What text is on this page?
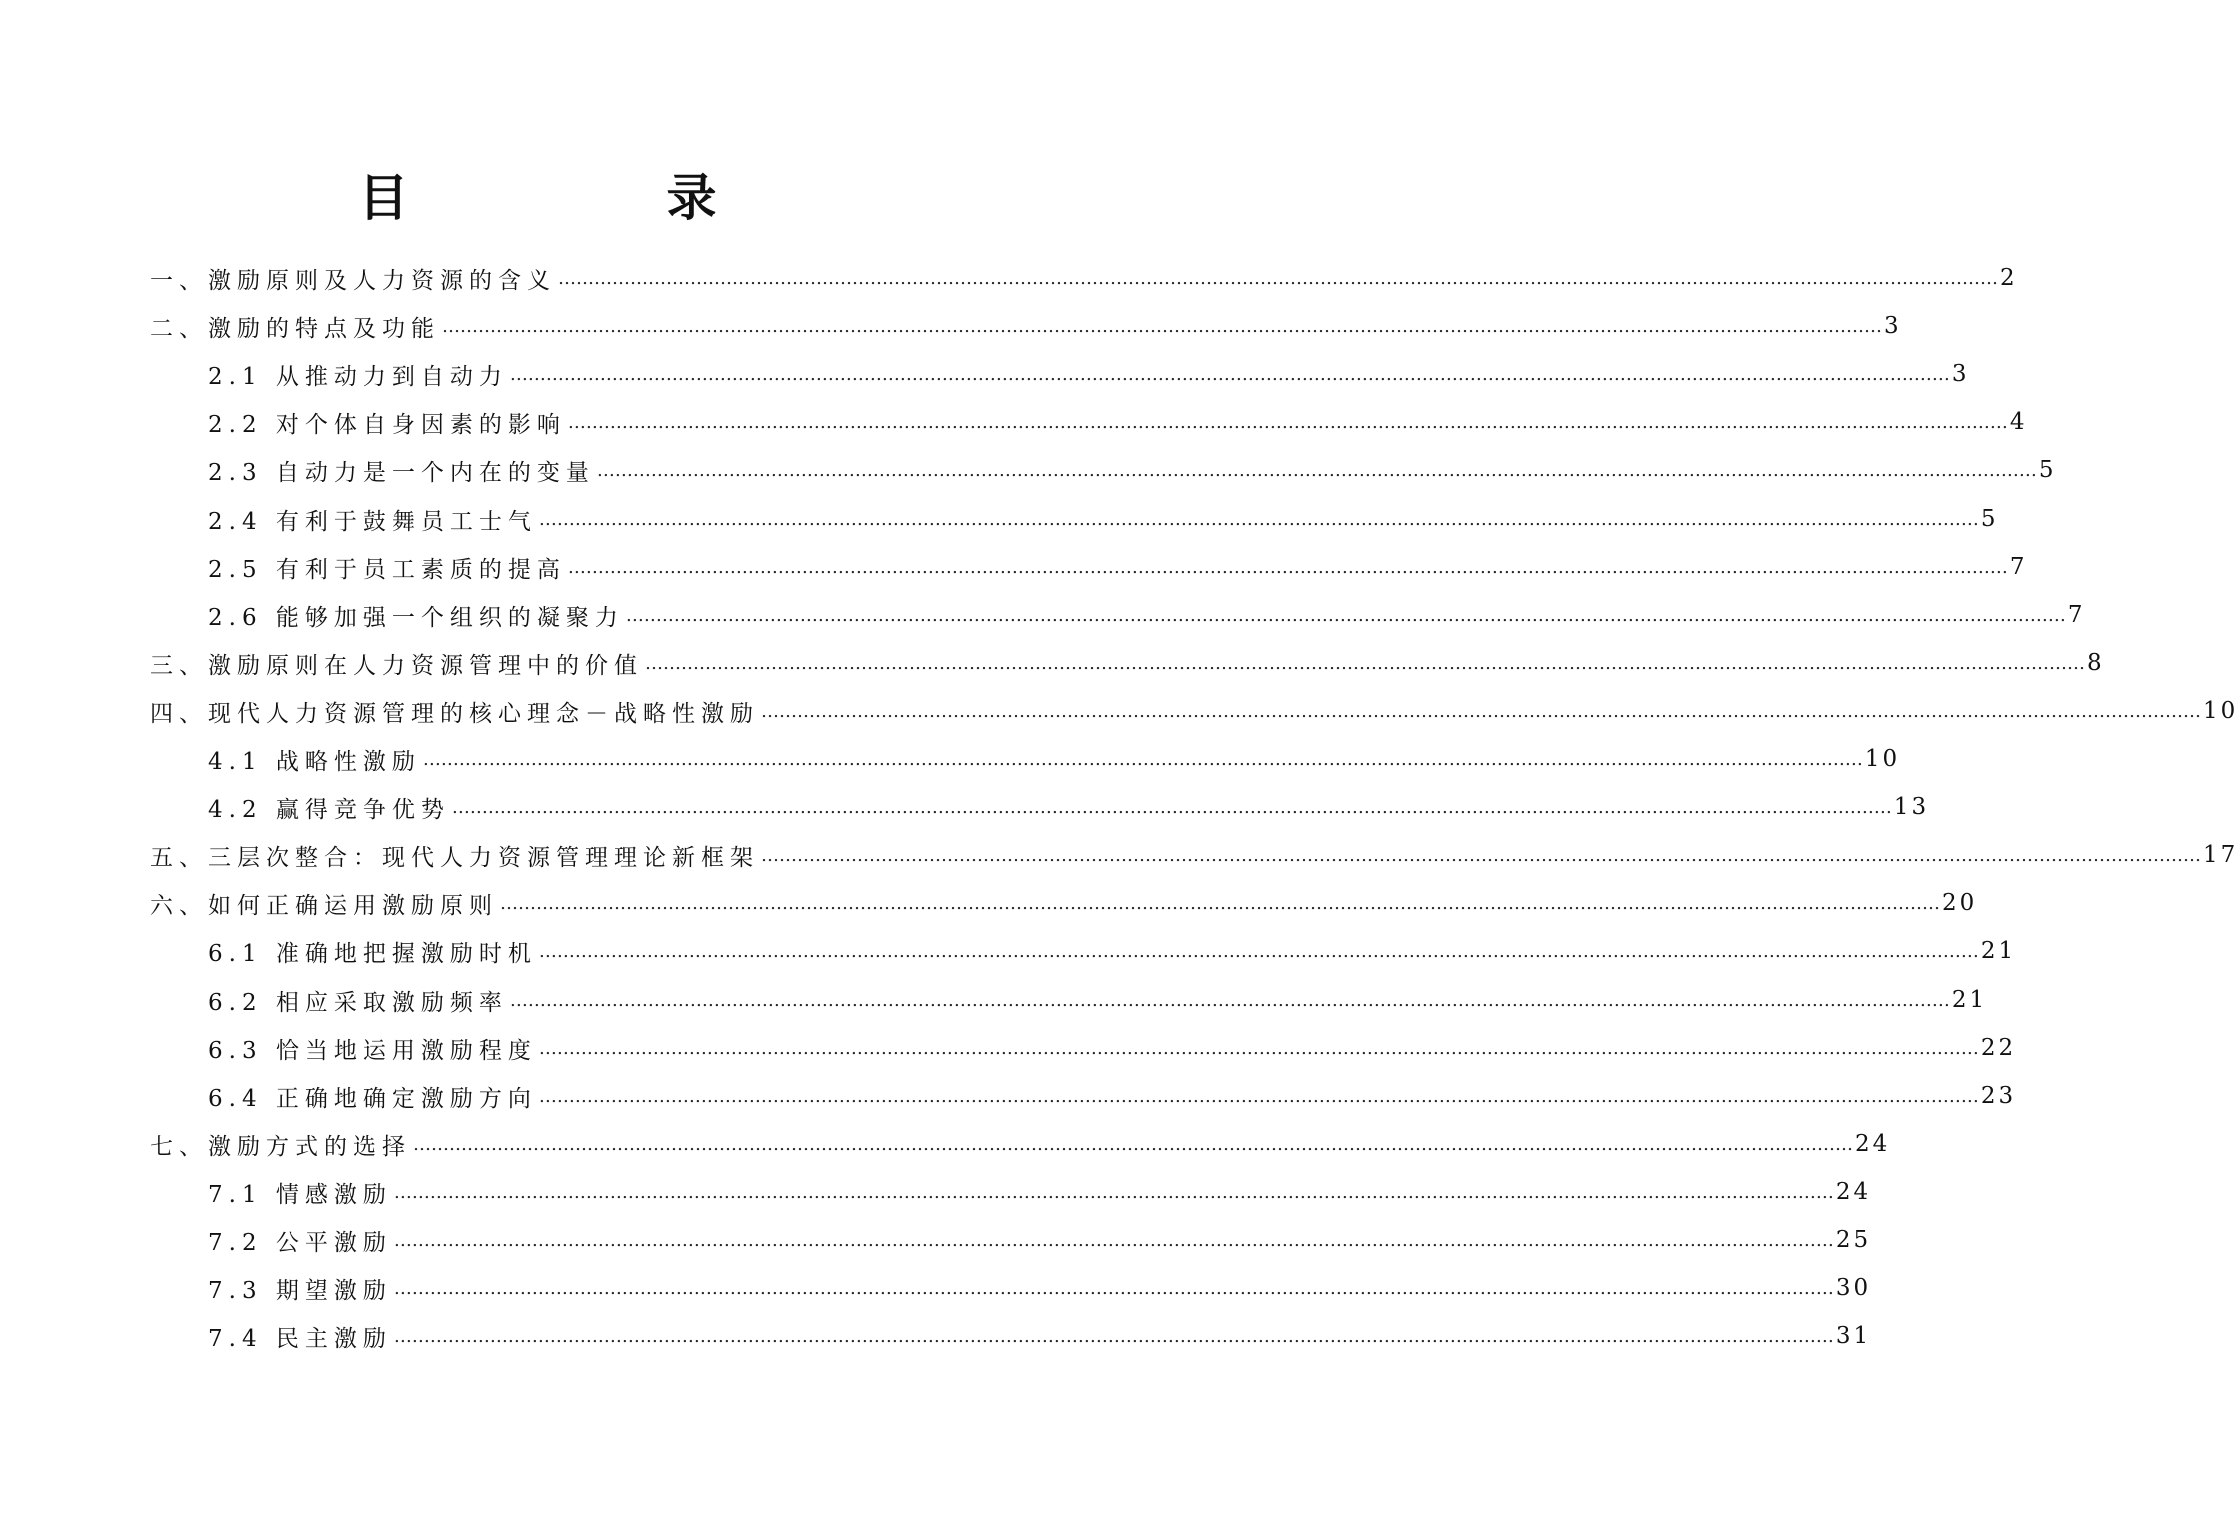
目　录
一、激励原则及人力资源的含义 …………………………………………………………………………………………………………………………………………………………………………………………………………………… 2
二、激励的特点及功能 …………………………………………………………………………………………………………………………………………………………………………………………………………………… 3
2.1 从推动力到自动力 …………………………………………………………………………………………………………………………………………………………………………………………………………………… 3
2.2 对个体自身因素的影响 …………………………………………………………………………………………………………………………………………………………………………………………………………………… 4
2.3 自动力是一个内在的变量 …………………………………………………………………………………………………………………………………………………………………………………………………………………… 5
2.4 有利于鼓舞员工士气 …………………………………………………………………………………………………………………………………………………………………………………………………………………… 5
2.5 有利于员工素质的提高 …………………………………………………………………………………………………………………………………………………………………………………………………………………… 7
2.6 能够加强一个组织的凝聚力 …………………………………………………………………………………………………………………………………………………………………………………………………………………… 7
三、激励原则在人力资源管理中的价值 …………………………………………………………………………………………………………………………………………………………………………………………………………………… 8
四、现代人力资源管理的核心理念－战略性激励 …………………………………………………………………………………………………………………………………………………………………………………………………………………… 10
4.1 战略性激励 …………………………………………………………………………………………………………………………………………………………………………………………………………………… 10
4.2 赢得竞争优势 …………………………………………………………………………………………………………………………………………………………………………………………………………………… 13
五、三层次整合：现代人力资源管理理论新框架 …………………………………………………………………………………………………………………………………………………………………………………………………………………… 17
六、如何正确运用激励原则 …………………………………………………………………………………………………………………………………………………………………………………………………………………… 20
6.1 准确地把握激励时机 …………………………………………………………………………………………………………………………………………………………………………………………………………………… 21
6.2 相应采取激励频率 …………………………………………………………………………………………………………………………………………………………………………………………………………………… 21
6.3 恰当地运用激励程度 …………………………………………………………………………………………………………………………………………………………………………………………………………………… 22
6.4 正确地确定激励方向 …………………………………………………………………………………………………………………………………………………………………………………………………………………… 23
七、激励方式的选择 …………………………………………………………………………………………………………………………………………………………………………………………………………………… 24
7.1 情感激励 …………………………………………………………………………………………………………………………………………………………………………………………………………………… 24
7.2 公平激励 …………………………………………………………………………………………………………………………………………………………………………………………………………………… 25
7.3 期望激励 …………………………………………………………………………………………………………………………………………………………………………………………………………………… 30
7.4 民主激励 …………………………………………………………………………………………………………………………………………………………………………………………………………………… 31
